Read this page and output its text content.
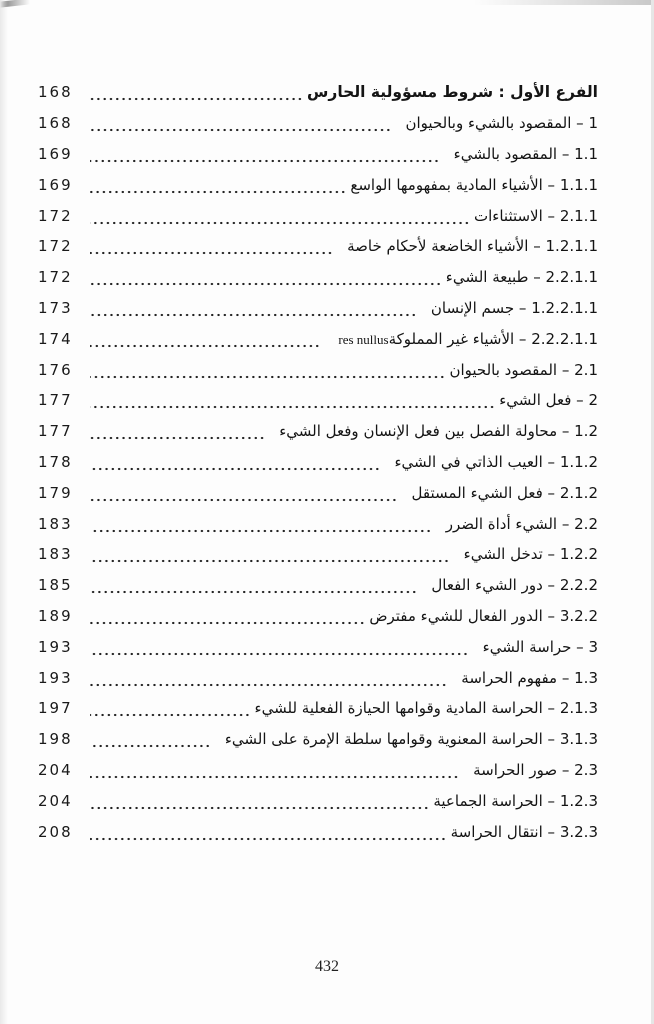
168	الفرع الأول : شروط مسؤولية الحارس
168	1 – المقصود بالشيء وبالحيوان
169	1.1 – المقصود بالشيء
169	1.1.1 – الأشياء المادية بمفهومها الواسع
172	2.1.1 – الاستثناءات
172	1.2.1.1 – الأشياء الخاضعة لأحكام خاصة
172	2.2.1.1 – طبيعة الشيء
173	1.2.2.1.1 – جسم الإنسان
174	2.2.2.1.1 – الأشياء غير المملوكةres nullus
176	2.1 – المقصود بالحيوان
177	2 – فعل الشيء
177	1.2 – محاولة الفصل بين فعل الإنسان وفعل الشيء
178	1.1.2 – العيب الذاتي في الشيء
179	2.1.2 – فعل الشيء المستقل
183	2.2 – الشيء أداة الضرر
183	1.2.2 – تدخل الشيء
185	2.2.2 – دور الشيء الفعال
189	3.2.2 – الدور الفعال للشيء مفترض
193	3 – حراسة الشيء
193	1.3 – مفهوم الحراسة
197	2.1.3 – الحراسة المادية وقوامها الحيازة الفعلية للشيء
198	3.1.3 – الحراسة المعنوية وقوامها سلطة الإمرة على الشيء
204	2.3 – صور الحراسة
204	1.2.3 – الحراسة الجماعية
208	3.2.3 – انتقال الحراسة
432
